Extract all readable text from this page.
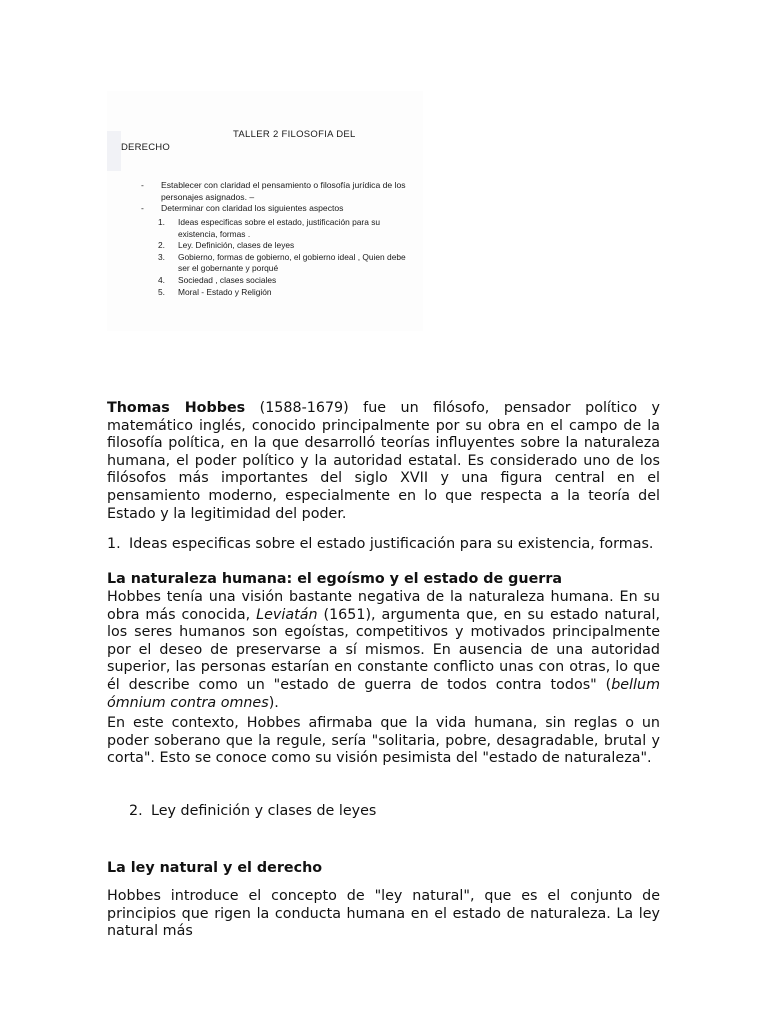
TALLER 2 FILOSOFIA DEL
DERECHO
- Establecer con claridad el pensamiento o filosofía jurídica de los personajes asignados. –
- Determinar con claridad los siguientes aspectos
1. Ideas especificas sobre el estado, justificación para su existencia, formas .
2. Ley. Definición, clases de leyes
3. Gobierno, formas de gobierno, el gobierno ideal , Quien debe ser el gobernante y porqué
4. Sociedad , clases sociales
5. Moral - Estado y Religión

Thomas Hobbes (1588-1679) fue un filósofo, pensador político y matemático inglés, conocido principalmente por su obra en el campo de la filosofía política, en la que desarrolló teorías influyentes sobre la naturaleza humana, el poder político y la autoridad estatal. Es considerado uno de los filósofos más importantes del siglo XVII y una figura central en el pensamiento moderno, especialmente en lo que respecta a la teoría del Estado y la legitimidad del poder.

1. Ideas especificas sobre el estado justificación para su existencia, formas.
La naturaleza humana: el egoísmo y el estado de guerra

Hobbes tenía una visión bastante negativa de la naturaleza humana. En su obra más conocida, Leviatán (1651), argumenta que, en su estado natural, los seres humanos son egoístas, competitivos y motivados principalmente por el deseo de preservarse a sí mismos. En ausencia de una autoridad superior, las personas estarían en constante conflicto unas con otras, lo que él describe como un "estado de guerra de todos contra todos" (bellum ómnium contra omnes).

En este contexto, Hobbes afirmaba que la vida humana, sin reglas o un poder soberano que la regule, sería "solitaria, pobre, desagradable, brutal y corta". Esto se conoce como su visión pesimista del "estado de naturaleza".

2. Ley definición y clases de leyes
La ley natural y el derecho

Hobbes introduce el concepto de "ley natural", que es el conjunto de principios que rigen la conducta humana en el estado de naturaleza. La ley natural más
